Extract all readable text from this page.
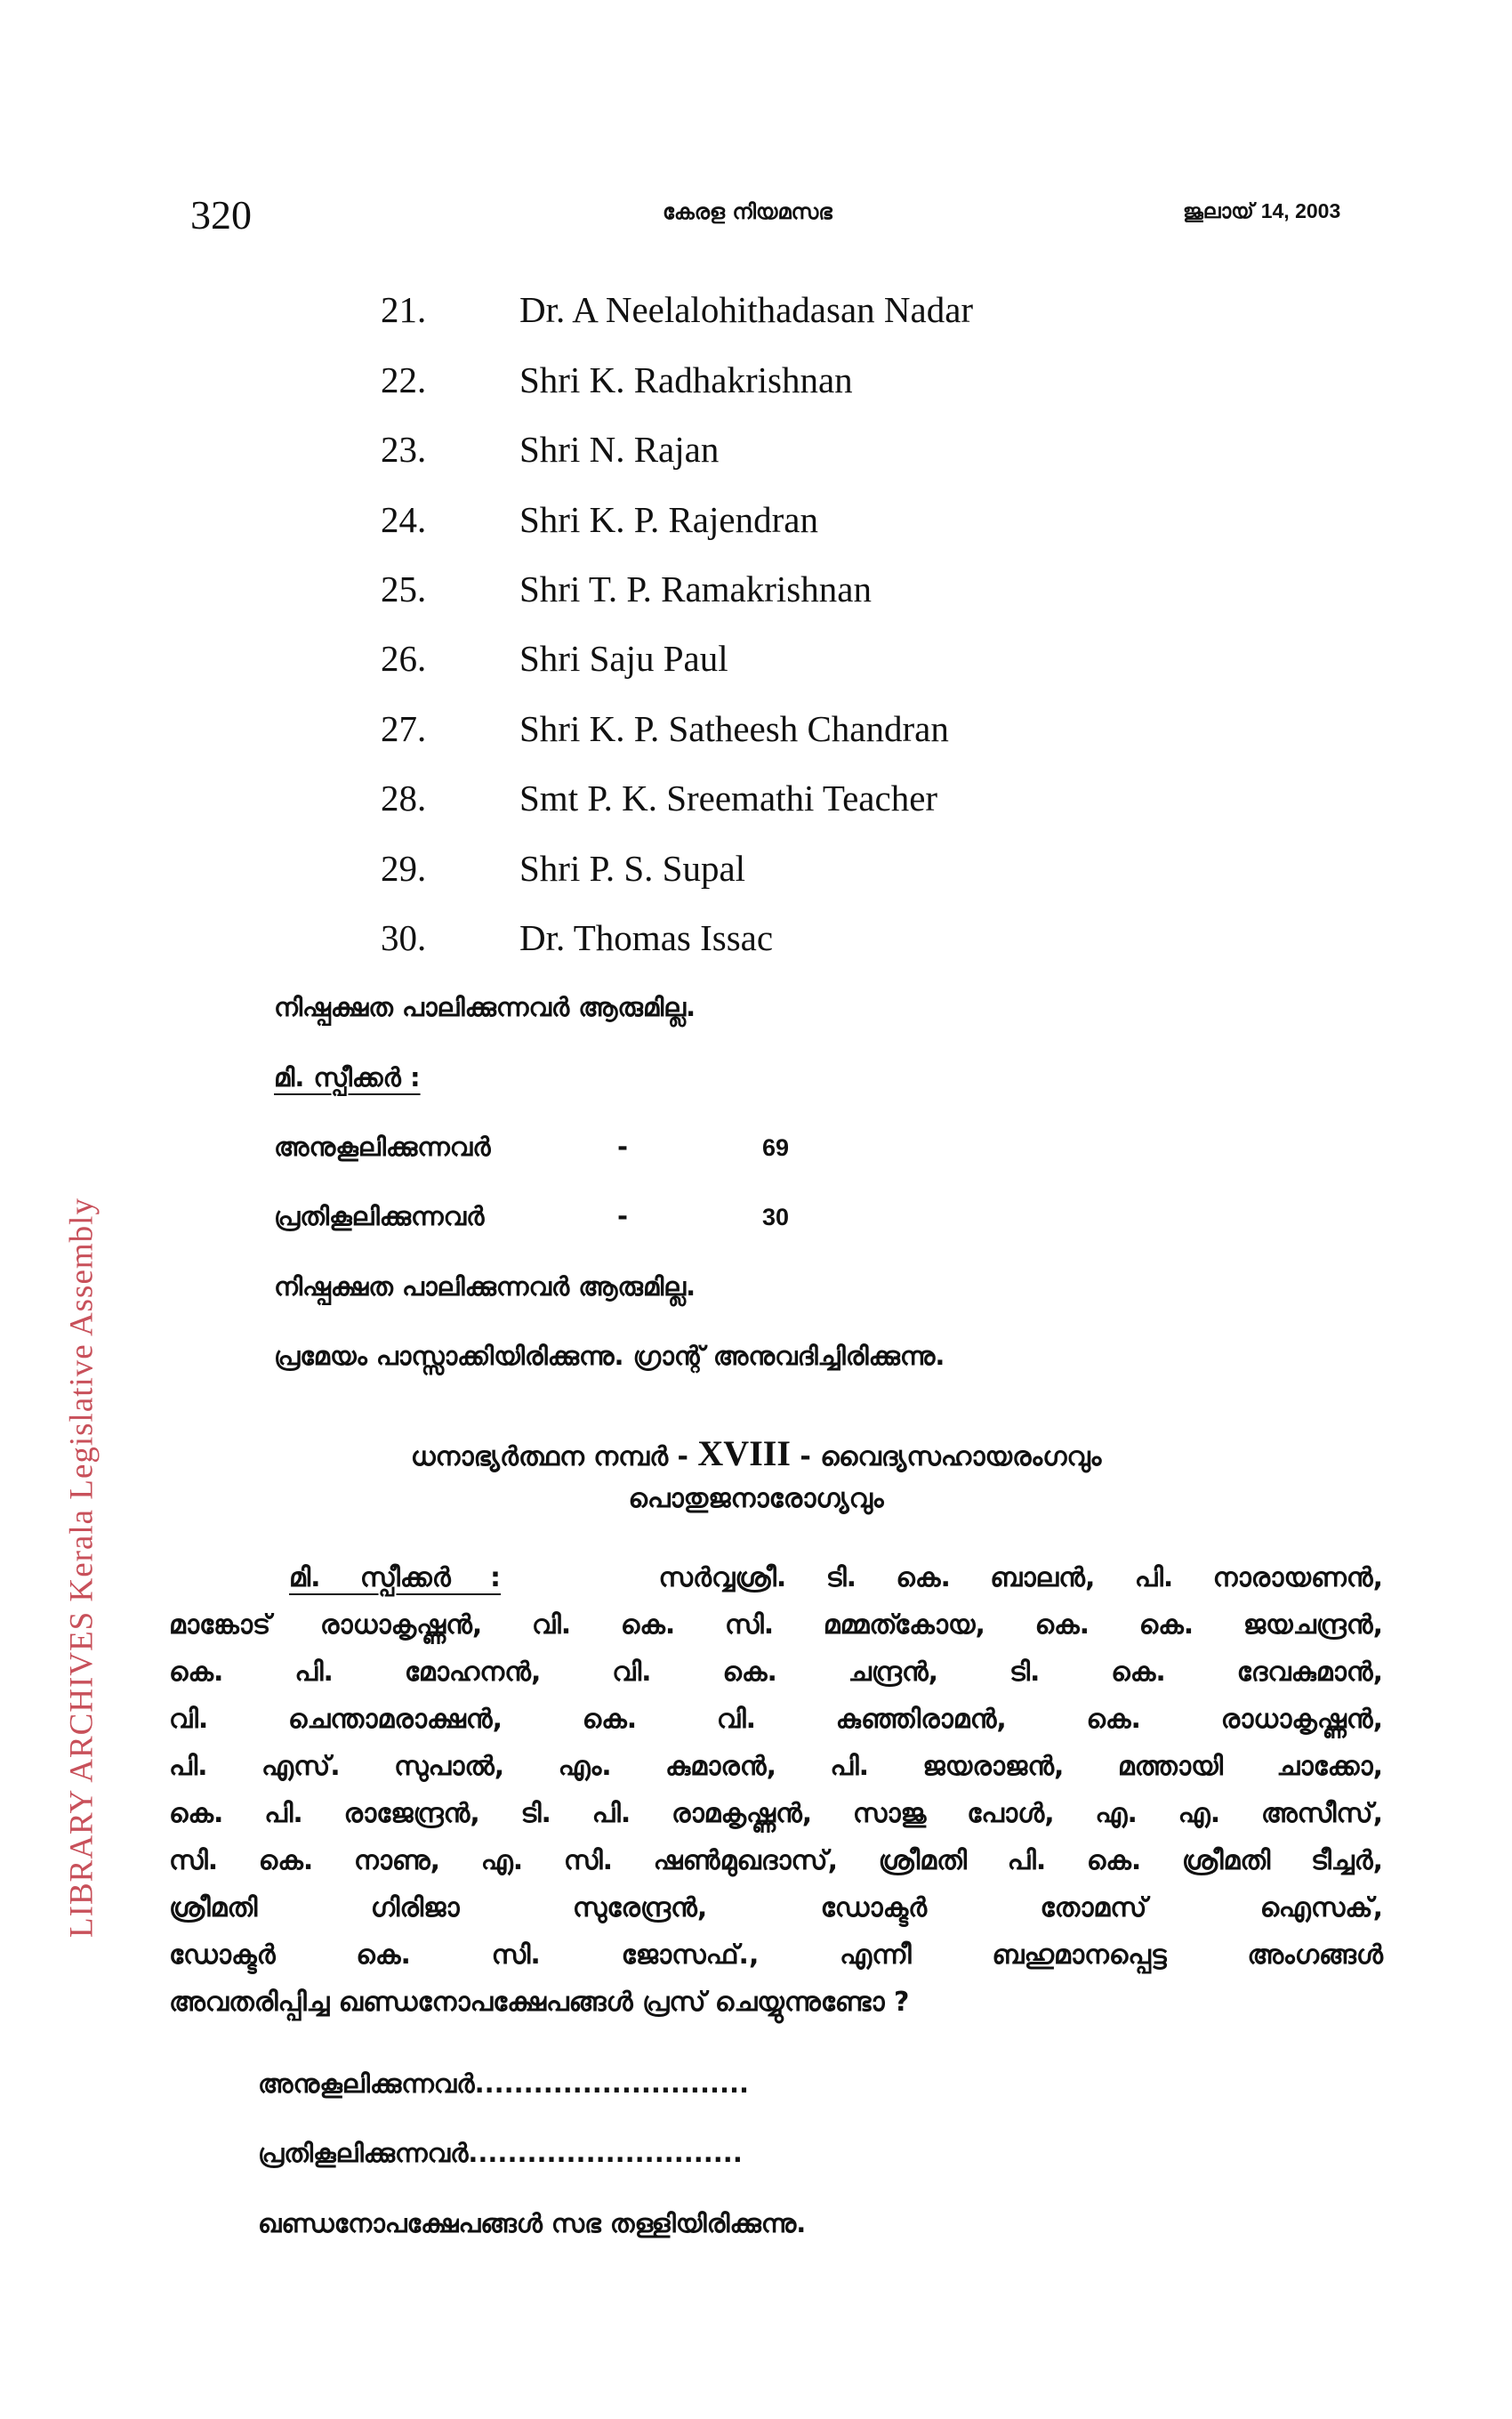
LIBRARY ARCHIVES Kerala Legislative Assembly
320	കേരള നിയമസഭ	ജൂലായ് 14, 2003
21.	Dr. A Neelalohithadasan Nadar
22.	Shri K. Radhakrishnan
23.	Shri N. Rajan
24.	Shri K. P. Rajendran
25.	Shri T. P. Ramakrishnan
26.	Shri Saju Paul
27.	Shri K. P. Satheesh Chandran
28.	Smt P. K. Sreemathi Teacher
29.	Shri P. S. Supal
30.	Dr. Thomas Issac
നിഷ്പക്ഷത പാലിക്കുന്നവർ ആരുമില്ല.
മി. സ്പീക്കർ :
അനുകൂലിക്കുന്നവർ	-	69
പ്രതികൂലിക്കുന്നവർ	-	30
നിഷ്പക്ഷത പാലിക്കുന്നവർ ആരുമില്ല.
പ്രമേയം പാസ്സാക്കിയിരിക്കുന്നു. ഗ്രാന്റ് അനുവദിച്ചിരിക്കുന്നു.
ധനാഭ്യർത്ഥന നമ്പർ - XVIII - വൈദ്യസഹായരംഗവും
പൊതുജനാരോഗ്യവും
മി. സ്പീക്കർ :	സർവ്വശ്രീ. ടി. കെ. ബാലൻ, പി. നാരായണൻ,
മാങ്കോട് രാധാകൃഷ്ണൻ, വി. കെ. സി. മമ്മത്കോയ, കെ. കെ. ജയചന്ദ്രൻ,
കെ. പി. മോഹനൻ, വി. കെ. ചന്ദ്രൻ, ടി. കെ. ദേവകുമാൻ,
വി. ചെന്താമരാക്ഷൻ, കെ. വി. കുഞ്ഞിരാമൻ, കെ. രാധാകൃഷ്ണൻ,
പി. എസ്. സുപാൽ, എം. കുമാരൻ, പി. ജയരാജൻ, മത്തായി ചാക്കോ,
കെ. പി. രാജേന്ദ്രൻ, ടി. പി. രാമകൃഷ്ണൻ, സാജു പോൾ, എ. എ. അസീസ്,
സി. കെ. നാണു, എ. സി. ഷൺമുഖദാസ്, ശ്രീമതി പി. കെ. ശ്രീമതി ടീച്ചർ,
ശ്രീമതി ഗിരിജാ സുരേന്ദ്രൻ, ഡോക്ടർ തോമസ് ഐസക്,
ഡോക്ടർ കെ. സി. ജോസഫ്., എന്നീ ബഹുമാനപ്പെട്ട അംഗങ്ങൾ
അവതരിപ്പിച്ച ഖണ്ഡനോപക്ഷേപങ്ങൾ പ്രസ് ചെയ്യുന്നുണ്ടോ ?
അനുകൂലിക്കുന്നവർ............................
പ്രതികൂലിക്കുന്നവർ............................
ഖണ്ഡനോപക്ഷേപങ്ങൾ സഭ തള്ളിയിരിക്കുന്നു.
